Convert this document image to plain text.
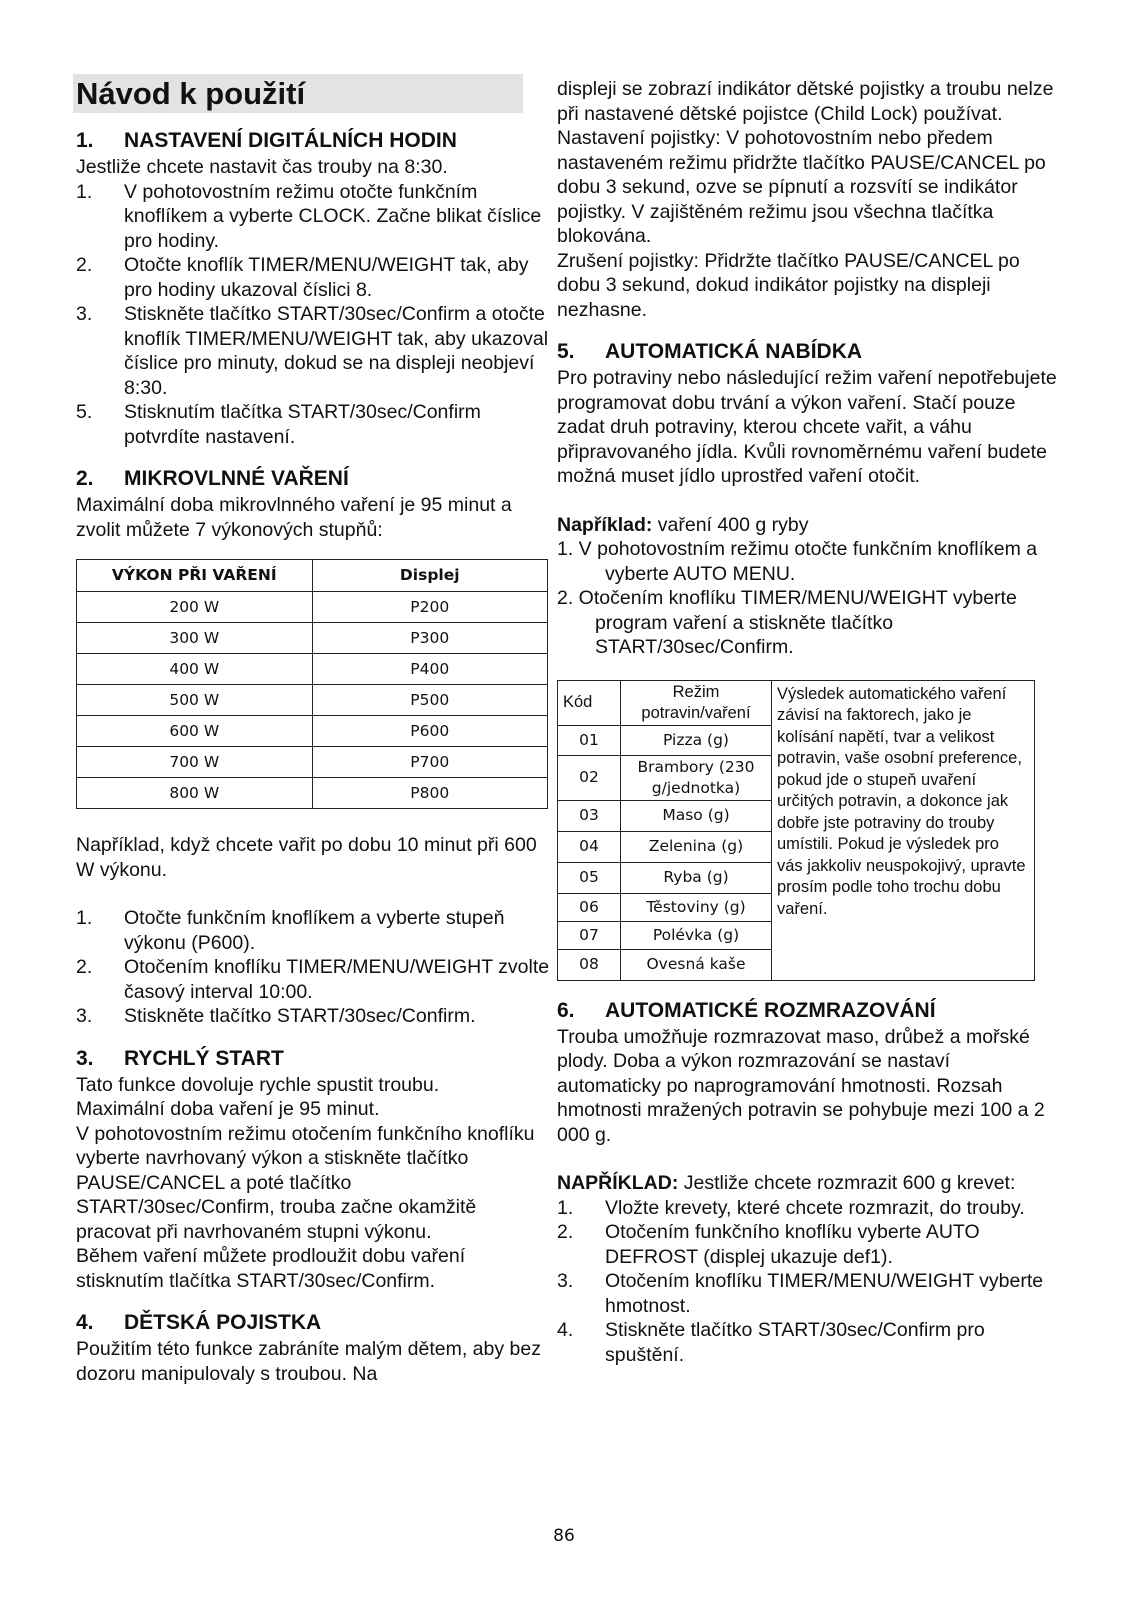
Návod k použití
1.	NASTAVENÍ DIGITÁLNÍCH HODIN

Jestliže chcete nastavit čas trouby na 8:30.

1.	V pohotovostním režimu otočte funkčním knoflíkem a vyberte CLOCK. Začne blikat číslice pro hodiny.
2.	Otočte knoflík TIMER/MENU/WEIGHT tak, aby pro hodiny ukazoval číslici 8.
3.	Stiskněte tlačítko START/30sec/Confirm a otočte knoflík TIMER/MENU/WEIGHT tak, aby ukazoval číslice pro minuty, dokud se na displeji neobjeví 8:30.
5.	Stisknutím tlačítka START/30sec/Confirm potvrdíte nastavení.
2.	MIKROVLNNÉ VAŘENÍ

Maximální doba mikrovlnného vaření je 95 minut a zvolit můžete 7 výkonových stupňů:

VÝKON PŘI VAŘENÍ	Displej
200 W	P200
300 W	P300
400 W	P400
500 W	P500
600 W	P600
700 W	P700
800 W	P800

Například, když chcete vařit po dobu 10 minut při 600 W výkonu.

1.	Otočte funkčním knoflíkem a vyberte stupeň výkonu (P600).
2.	Otočením knoflíku TIMER/MENU/WEIGHT zvolte časový interval 10:00.
3.	Stiskněte tlačítko START/30sec/Confirm.
3.	RYCHLÝ START

Tato funkce dovoluje rychle spustit troubu.

Maximální doba vaření je 95 minut.

V pohotovostním režimu otočením funkčního knoflíku vyberte navrhovaný výkon a stiskněte tlačítko PAUSE/CANCEL a poté tlačítko START/30sec/Confirm, trouba začne okamžitě pracovat při navrhovaném stupni výkonu.

Během vaření můžete prodloužit dobu vaření stisknutím tlačítka START/30sec/Confirm.

4.	DĚTSKÁ POJISTKA

Použitím této funkce zabráníte malým dětem, aby bez dozoru manipulovaly s troubou. Na

displeji se zobrazí indikátor dětské pojistky a troubu nelze při nastavené dětské pojistce (Child Lock) používat.

Nastavení pojistky: V pohotovostním nebo předem nastaveném režimu přidržte tlačítko PAUSE/CANCEL po dobu 3 sekund, ozve se pípnutí a rozsvítí se indikátor pojistky. V zajištěném režimu jsou všechna tlačítka blokována.

Zrušení pojistky: Přidržte tlačítko PAUSE/CANCEL po dobu 3 sekund, dokud indikátor pojistky na displeji nezhasne.

5.	AUTOMATICKÁ NABÍDKA

Pro potraviny nebo následující režim vaření nepotřebujete programovat dobu trvání a výkon vaření. Stačí pouze zadat druh potraviny, kterou chcete vařit, a váhu připravovaného jídla. Kvůli rovnoměrnému vaření budete možná muset jídlo uprostřed vaření otočit.

Například: vaření 400 g ryby

1. V pohotovostním režimu otočte funkčním knoflíkem a vyberte AUTO MENU.

2. Otočením knoflíku TIMER/MENU/WEIGHT vyberte program vaření a stiskněte tlačítko START/30sec/Confirm.

Kód	Režim potravin/vaření	Výsledek automatického vaření závisí na faktorech, jako je kolísání napětí, tvar a velikost potravin, vaše osobní preference, pokud jde o stupeň uvaření určitých potravin, a dokonce jak dobře jste potraviny do trouby umístili. Pokud je výsledek pro vás jakkoliv neuspokojivý, upravte prosím podle toho trochu dobu vaření.
01	Pizza (g)	
02	Brambory (230 g/jednotka)	
03	Maso (g)	
04	Zelenina (g)	
05	Ryba (g)	
06	Těstoviny (g)	
07	Polévka (g)	
08	Ovesná kaše	
6.	AUTOMATICKÉ ROZMRAZOVÁNÍ

Trouba umožňuje rozmrazovat maso, drůbež a mořské plody. Doba a výkon rozmrazování se nastaví automaticky po naprogramování hmotnosti. Rozsah hmotnosti mražených potravin se pohybuje mezi 100 a 2 000 g.

NAPŘÍKLAD: Jestliže chcete rozmrazit 600 g krevet:

1.	Vložte krevety, které chcete rozmrazit, do trouby.
2.	Otočením funkčního knoflíku vyberte AUTO DEFROST (displej ukazuje def1).
3.	Otočením knoflíku TIMER/MENU/WEIGHT vyberte hmotnost.
4.	Stiskněte tlačítko START/30sec/Confirm pro spuštění.
86
